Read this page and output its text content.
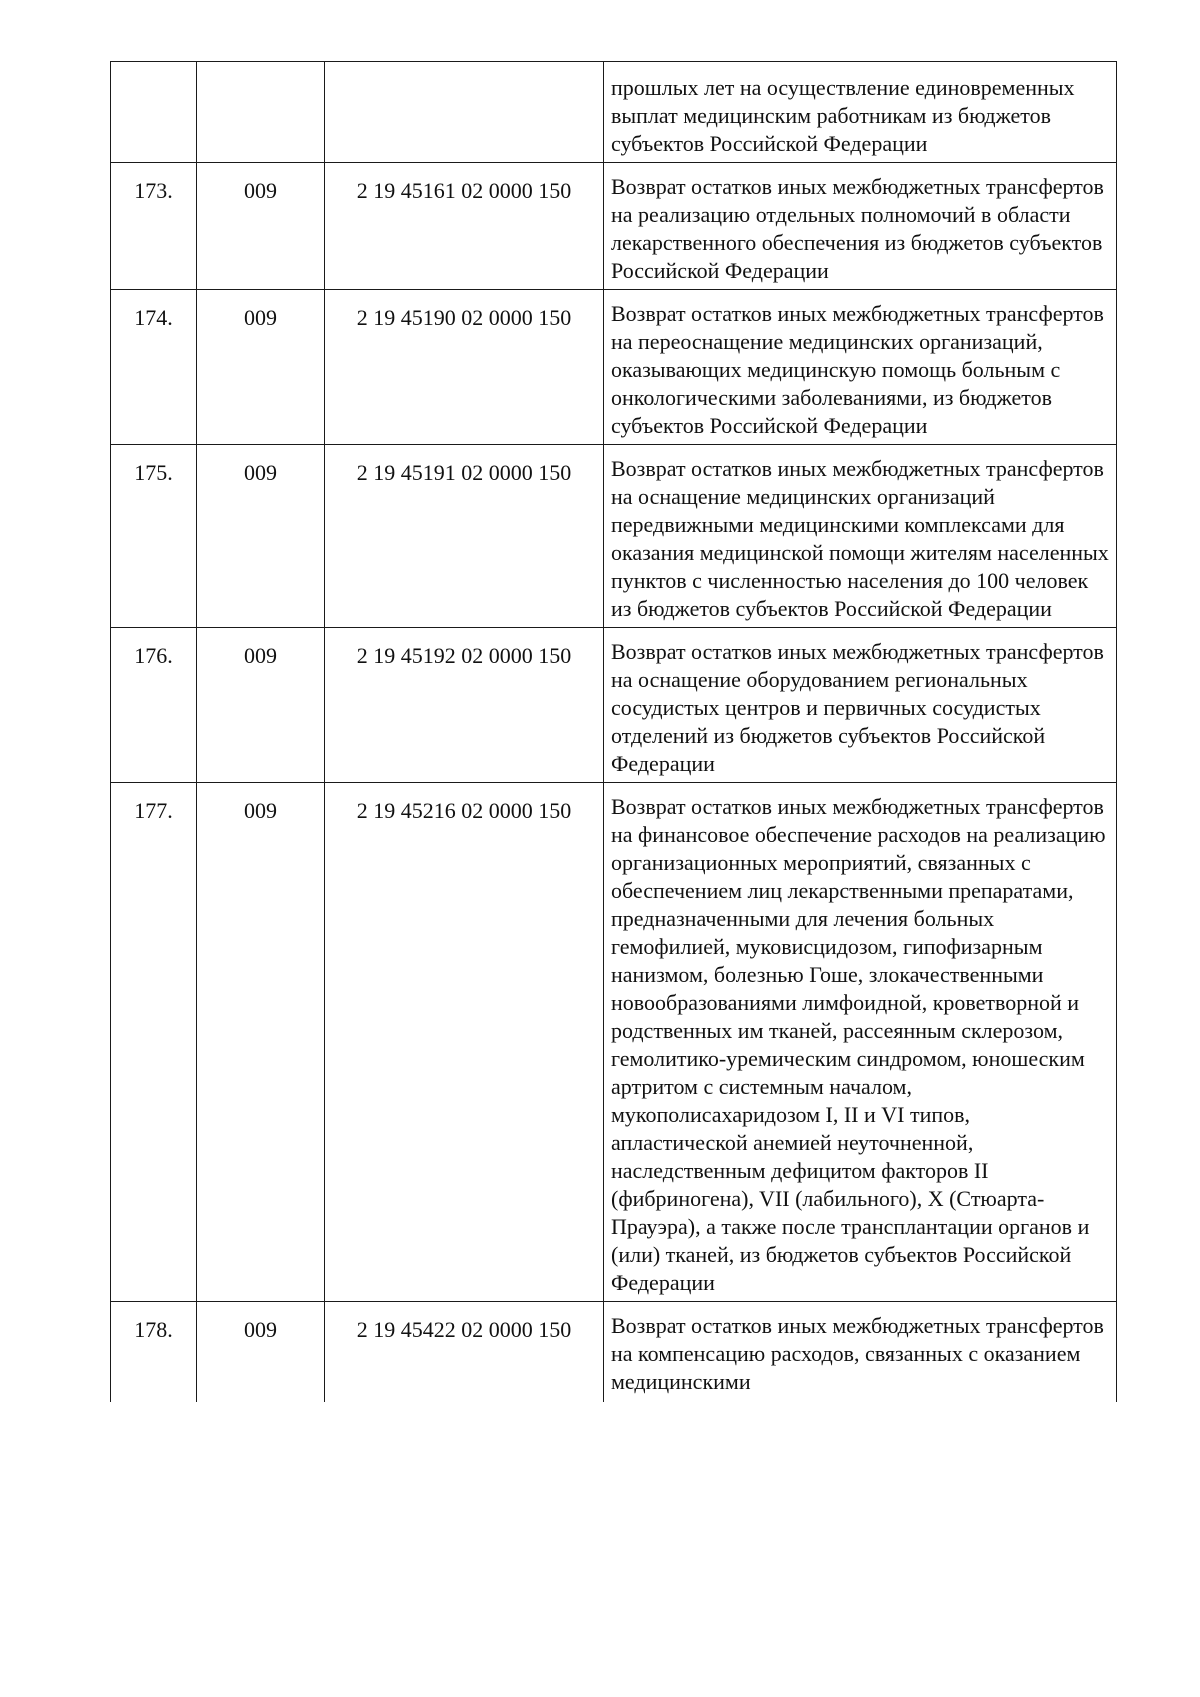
			прошлых лет на осуществление единовременных выплат медицинским работникам из бюджетов субъектов Российской Федерации
173.	009	2 19 45161 02 0000 150	Возврат остатков иных межбюджетных трансфертов на реализацию отдельных полномочий в области лекарственного обеспечения из бюджетов субъектов Российской Федерации
174.	009	2 19 45190 02 0000 150	Возврат остатков иных межбюджетных трансфертов на переоснащение медицинских организаций, оказывающих медицинскую помощь больным с онкологическими заболеваниями, из бюджетов субъектов Российской Федерации
175.	009	2 19 45191 02 0000 150	Возврат остатков иных межбюджетных трансфертов на оснащение медицинских организаций передвижными медицинскими комплексами для оказания медицинской помощи жителям населенных пунктов с численностью населения до 100 человек из бюджетов субъектов Российской Федерации
176.	009	2 19 45192 02 0000 150	Возврат остатков иных межбюджетных трансфертов на оснащение оборудованием региональных сосудистых центров и первичных сосудистых отделений из бюджетов субъектов Российской Федерации
177.	009	2 19 45216 02 0000 150	Возврат остатков иных межбюджетных трансфертов на финансовое обеспечение расходов на реализацию организационных мероприятий, связанных с обеспечением лиц лекарственными препаратами, предназначенными для лечения больных гемофилией, муковисцидозом, гипофизарным нанизмом, болезнью Гоше, злокачественными новообразованиями лимфоидной, кроветворной и родственных им тканей, рассеянным склерозом, гемолитико-уремическим синдромом, юношеским артритом с системным началом, мукополисахаридозом I, II и VI типов, апластической анемией неуточненной, наследственным дефицитом факторов II (фибриногена), VII (лабильного), X (Стюарта-Прауэра), а также после трансплантации органов и (или) тканей, из бюджетов субъектов Российской Федерации
178.	009	2 19 45422 02 0000 150	Возврат остатков иных межбюджетных трансфертов на компенсацию расходов, связанных с оказанием медицинскими
